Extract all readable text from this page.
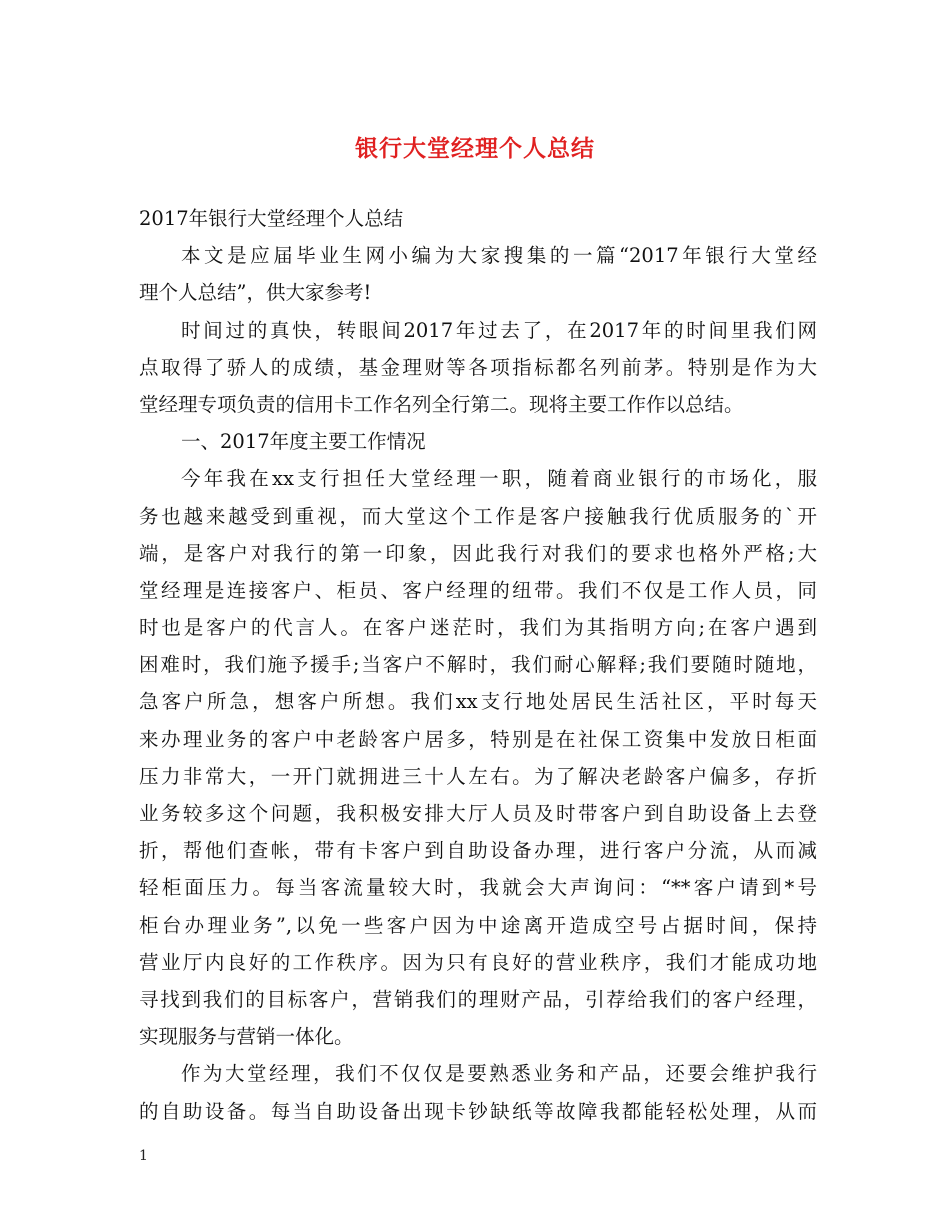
银行大堂经理个人总结
2017年银行大堂经理个人总结
本文是应届毕业生网小编为大家搜集的一篇“2017年银行大堂经
理个人总结”，供大家参考!
时间过的真快，转眼间2017年过去了，在2017年的时间里我们网
点取得了骄人的成绩，基金理财等各项指标都名列前茅。特别是作为大
堂经理专项负责的信用卡工作名列全行第二。现将主要工作作以总结。
一、2017年度主要工作情况
今年我在xx支行担任大堂经理一职，随着商业银行的市场化，服
务也越来越受到重视，而大堂这个工作是客户接触我行优质服务的`开
端，是客户对我行的第一印象，因此我行对我们的要求也格外严格;大
堂经理是连接客户、柜员、客户经理的纽带。我们不仅是工作人员，同
时也是客户的代言人。在客户迷茫时，我们为其指明方向;在客户遇到
困难时，我们施予援手;当客户不解时，我们耐心解释;我们要随时随地，
急客户所急，想客户所想。我们xx支行地处居民生活社区，平时每天
来办理业务的客户中老龄客户居多，特别是在社保工资集中发放日柜面
压力非常大，一开门就拥进三十人左右。为了解决老龄客户偏多，存折
业务较多这个问题，我积极安排大厅人员及时带客户到自助设备上去登
折，帮他们查帐，带有卡客户到自助设备办理，进行客户分流，从而减
轻柜面压力。每当客流量较大时，我就会大声询问：“**客户请到*号
柜台办理业务”,以免一些客户因为中途离开造成空号占据时间，保持
营业厅内良好的工作秩序。因为只有良好的营业秩序，我们才能成功地
寻找到我们的目标客户，营销我们的理财产品，引荐给我们的客户经理，
实现服务与营销一体化。
作为大堂经理，我们不仅仅是要熟悉业务和产品，还要会维护我行
的自助设备。每当自助设备出现卡钞缺纸等故障我都能轻松处理，从而
1
